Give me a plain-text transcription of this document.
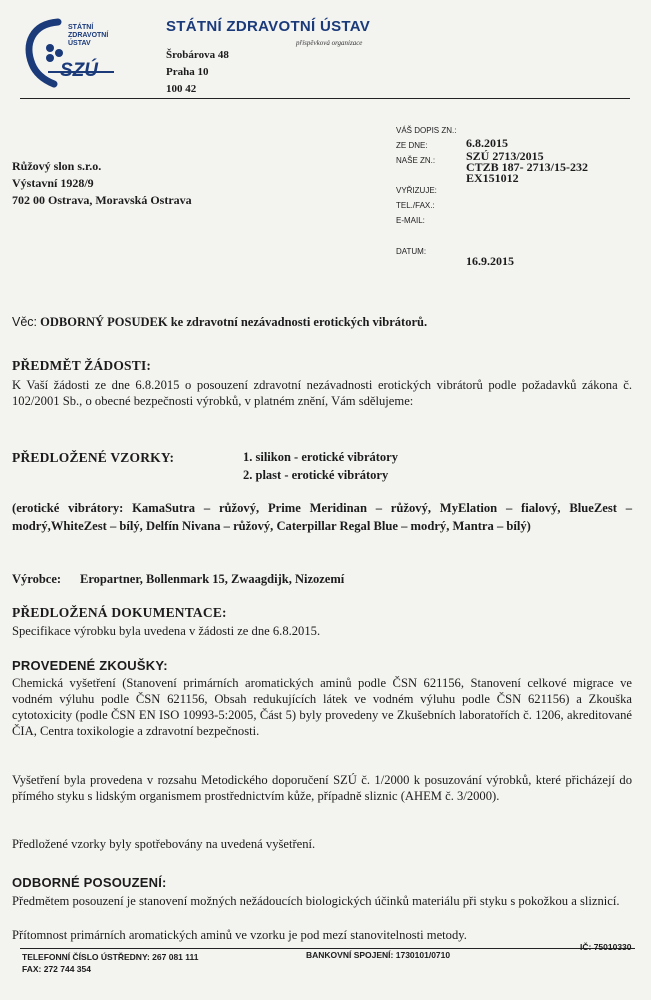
STÁTNÍ
ZDRAVOTNÍ
ÚSTAV
SZÚ
STÁTNÍ ZDRAVOTNÍ ÚSTAV
příspěvková organizace
Šrobárova 48
Praha 10
100 42
VÁŠ DOPIS ZN.:
ZE DNE:	6.8.2015
NAŠE ZN.:	SZÚ 2713/2015
CTZB 187- 2713/15-232
EX151012
VYŘIZUJE:
TEL./FAX.:
E-MAIL:
DATUM:
16.9.2015
Růžový slon s.r.o.
Výstavní 1928/9
702 00 Ostrava, Moravská Ostrava
Věc: ODBORNÝ POSUDEK ke zdravotní nezávadnosti erotických vibrátorů.
PŘEDMĚT ŽÁDOSTI:
K Vaší žádosti ze dne 6.8.2015 o posouzení zdravotní nezávadnosti erotických vibrátorů podle požadavků zákona č. 102/2001 Sb., o obecné bezpečnosti výrobků, v platném znění, Vám sdělujeme:
PŘEDLOŽENÉ VZORKY:	1. silikon - erotické vibrátory
2. plast - erotické vibrátory
(erotické vibrátory: KamaSutra – růžový, Prime Meridinan – růžový, MyElation – fialový, BlueZest – modrý,WhiteZest – bílý, Delfín Nivana – růžový, Caterpillar Regal Blue – modrý, Mantra – bílý)
Výrobce: Eropartner, Bollenmark 15, Zwaagdijk, Nizozemí
PŘEDLOŽENÁ DOKUMENTACE:
Specifikace výrobku byla uvedena v žádosti ze dne 6.8.2015.
PROVEDENÉ ZKOUŠKY:
Chemická vyšetření (Stanovení primárních aromatických aminů podle ČSN 621156, Stanovení celkové migrace ve vodném výluhu podle ČSN 621156, Obsah redukujících látek ve vodném výluhu podle ČSN 621156) a Zkouška cytotoxicity (podle ČSN EN ISO 10993-5:2005, Část 5) byly provedeny ve Zkušebních laboratořích č. 1206, akreditované ČIA, Centra toxikologie a zdravotní bezpečnosti.
Vyšetření byla provedena v rozsahu Metodického doporučení SZÚ č. 1/2000 k posuzování výrobků, které přicházejí do přímého styku s lidským organismem prostřednictvím kůže, případně sliznic (AHEM č. 3/2000).
Předložené vzorky byly spotřebovány na uvedená vyšetření.
ODBORNÉ POSOUZENÍ:
Předmětem posouzení je stanovení možných nežádoucích biologických účinků materiálu při styku s pokožkou a sliznicí.
Přítomnost primárních aromatických aminů ve vzorku je pod mezí stanovitelnosti metody.
TELEFONNÍ ČÍSLO ÚSTŘEDNY: 267 081 111	BANKOVNÍ SPOJENÍ: 1730101/0710
IČ: 75010330
FAX: 272 744 354
